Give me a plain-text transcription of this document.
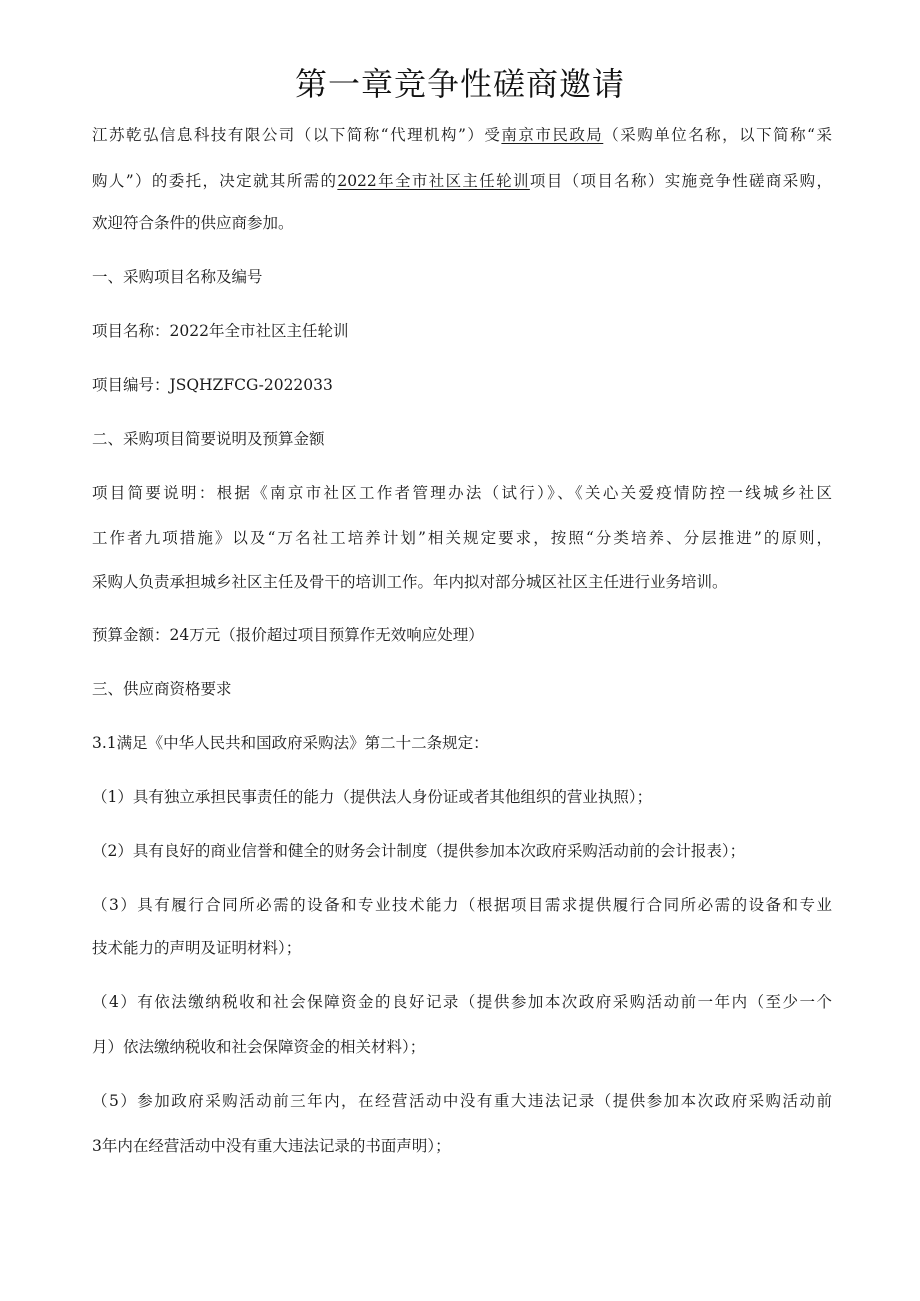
第一章竞争性磋商邀请

江苏乾弘信息科技有限公司（以下简称“代理机构”）受南京市民政局（采购单位名称，以下简称“采

购人”）的委托，决定就其所需的2022年全市社区主任轮训项目（项目名称）实施竞争性磋商采购，

欢迎符合条件的供应商参加。

一、采购项目名称及编号

项目名称：2022年全市社区主任轮训

项目编号：JSQHZFCG-2022033

二、采购项目简要说明及预算金额

项目简要说明：根据《南京市社区工作者管理办法（试行）》、《关心关爱疫情防控一线城乡社区

工作者九项措施》以及“万名社工培养计划”相关规定要求，按照“分类培养、分层推进”的原则，

采购人负责承担城乡社区主任及骨干的培训工作。年内拟对部分城区社区主任进行业务培训。

预算金额：24万元（报价超过项目预算作无效响应处理）

三、供应商资格要求

3.1满足《中华人民共和国政府采购法》第二十二条规定：

（1）具有独立承担民事责任的能力（提供法人身份证或者其他组织的营业执照）；

（2）具有良好的商业信誉和健全的财务会计制度（提供参加本次政府采购活动前的会计报表）；

（3）具有履行合同所必需的设备和专业技术能力（根据项目需求提供履行合同所必需的设备和专业

技术能力的声明及证明材料）；

（4）有依法缴纳税收和社会保障资金的良好记录（提供参加本次政府采购活动前一年内（至少一个

月）依法缴纳税收和社会保障资金的相关材料）；

（5）参加政府采购活动前三年内，在经营活动中没有重大违法记录（提供参加本次政府采购活动前

3年内在经营活动中没有重大违法记录的书面声明）；
